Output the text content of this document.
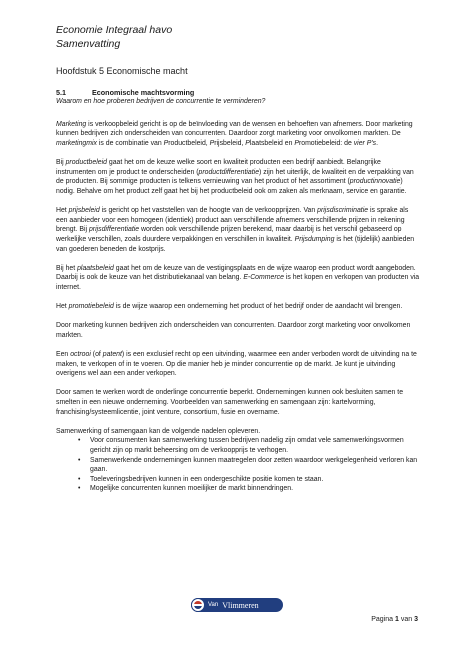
Economie Integraal havo
Samenvatting
Hoofdstuk 5 Economische macht
5.1	Economische machtsvorming
Waarom en hoe proberen bedrijven de concurrentie te verminderen?

Marketing is verkoopbeleid gericht is op de beïnvloeding van de wensen en behoeften van afnemers. Door marketing kunnen bedrijven zich onderscheiden van concurrenten. Daardoor zorgt marketing voor onvolkomen markten. De marketingmix is de combinatie van Productbeleid, Prijsbeleid, Plaatsbeleid en Promotiebeleid: de vier P's.

Bij productbeleid gaat het om de keuze welke soort en kwaliteit producten een bedrijf aanbiedt. Belangrijke instrumenten om je product te onderscheiden (productdifferentiatie) zijn het uiterlijk, de kwaliteit en de verpakking van de producten. Bij sommige producten is telkens vernieuwing van het product of het assortiment (productinnovatie) nodig. Behalve om het product zelf gaat het bij het productbeleid ook om zaken als merknaam, service en garantie.

Het prijsbeleid is gericht op het vaststellen van de hoogte van de verkoopprijzen. Van prijsdiscriminatie is sprake als een aanbieder voor een homogeen (identiek) product aan verschillende afnemers verschillende prijzen in rekening brengt. Bij prijsdifferentiatie worden ook verschillende prijzen berekend, maar daarbij is het verschil gebaseerd op werkelijke verschillen, zoals duurdere verpakkingen en verschillen in kwaliteit. Prijsdumping is het (tijdelijk) aanbieden van goederen beneden de kostprijs.

Bij het plaatsbeleid gaat het om de keuze van de vestigingsplaats en de wijze waarop een product wordt aangeboden. Daarbij is ook de keuze van het distributiekanaal van belang. E-Commerce is het kopen en verkopen van producten via internet.

Het promotiebeleid is de wijze waarop een onderneming het product of het bedrijf onder de aandacht wil brengen.

Door marketing kunnen bedrijven zich onderscheiden van concurrenten. Daardoor zorgt marketing voor onvolkomen markten.

Een octrooi (of patent) is een exclusief recht op een uitvinding, waarmee een ander verboden wordt de uitvinding na te maken, te verkopen of in te voeren. Op die manier heb je minder concurrentie op de markt. Je kunt je uitvinding overigens wel aan een ander verkopen.

Door samen te werken wordt de onderlinge concurrentie beperkt. Ondernemingen kunnen ook besluiten samen te smelten in een nieuwe onderneming. Voorbeelden van samenwerking en samengaan zijn: kartelvorming, franchising/systeemlicentie, joint venture, consortium, fusie en overname.

Samenwerking of samengaan kan de volgende nadelen opleveren.
• Voor consumenten kan samenwerking tussen bedrijven nadelig zijn omdat vele samenwerkingsvormen gericht zijn op markt beheersing om de verkoopprijs te verhogen.
• Samenwerkende ondernemingen kunnen maatregelen door zetten waardoor werkgelegenheid verloren kan gaan.
• Toeleveringsbedrijven kunnen in een ondergeschikte positie komen te staan.
• Mogelijke concurrenten kunnen moeilijker de markt binnendringen.
Van Vlimmeren
Pagina 1 van 3
